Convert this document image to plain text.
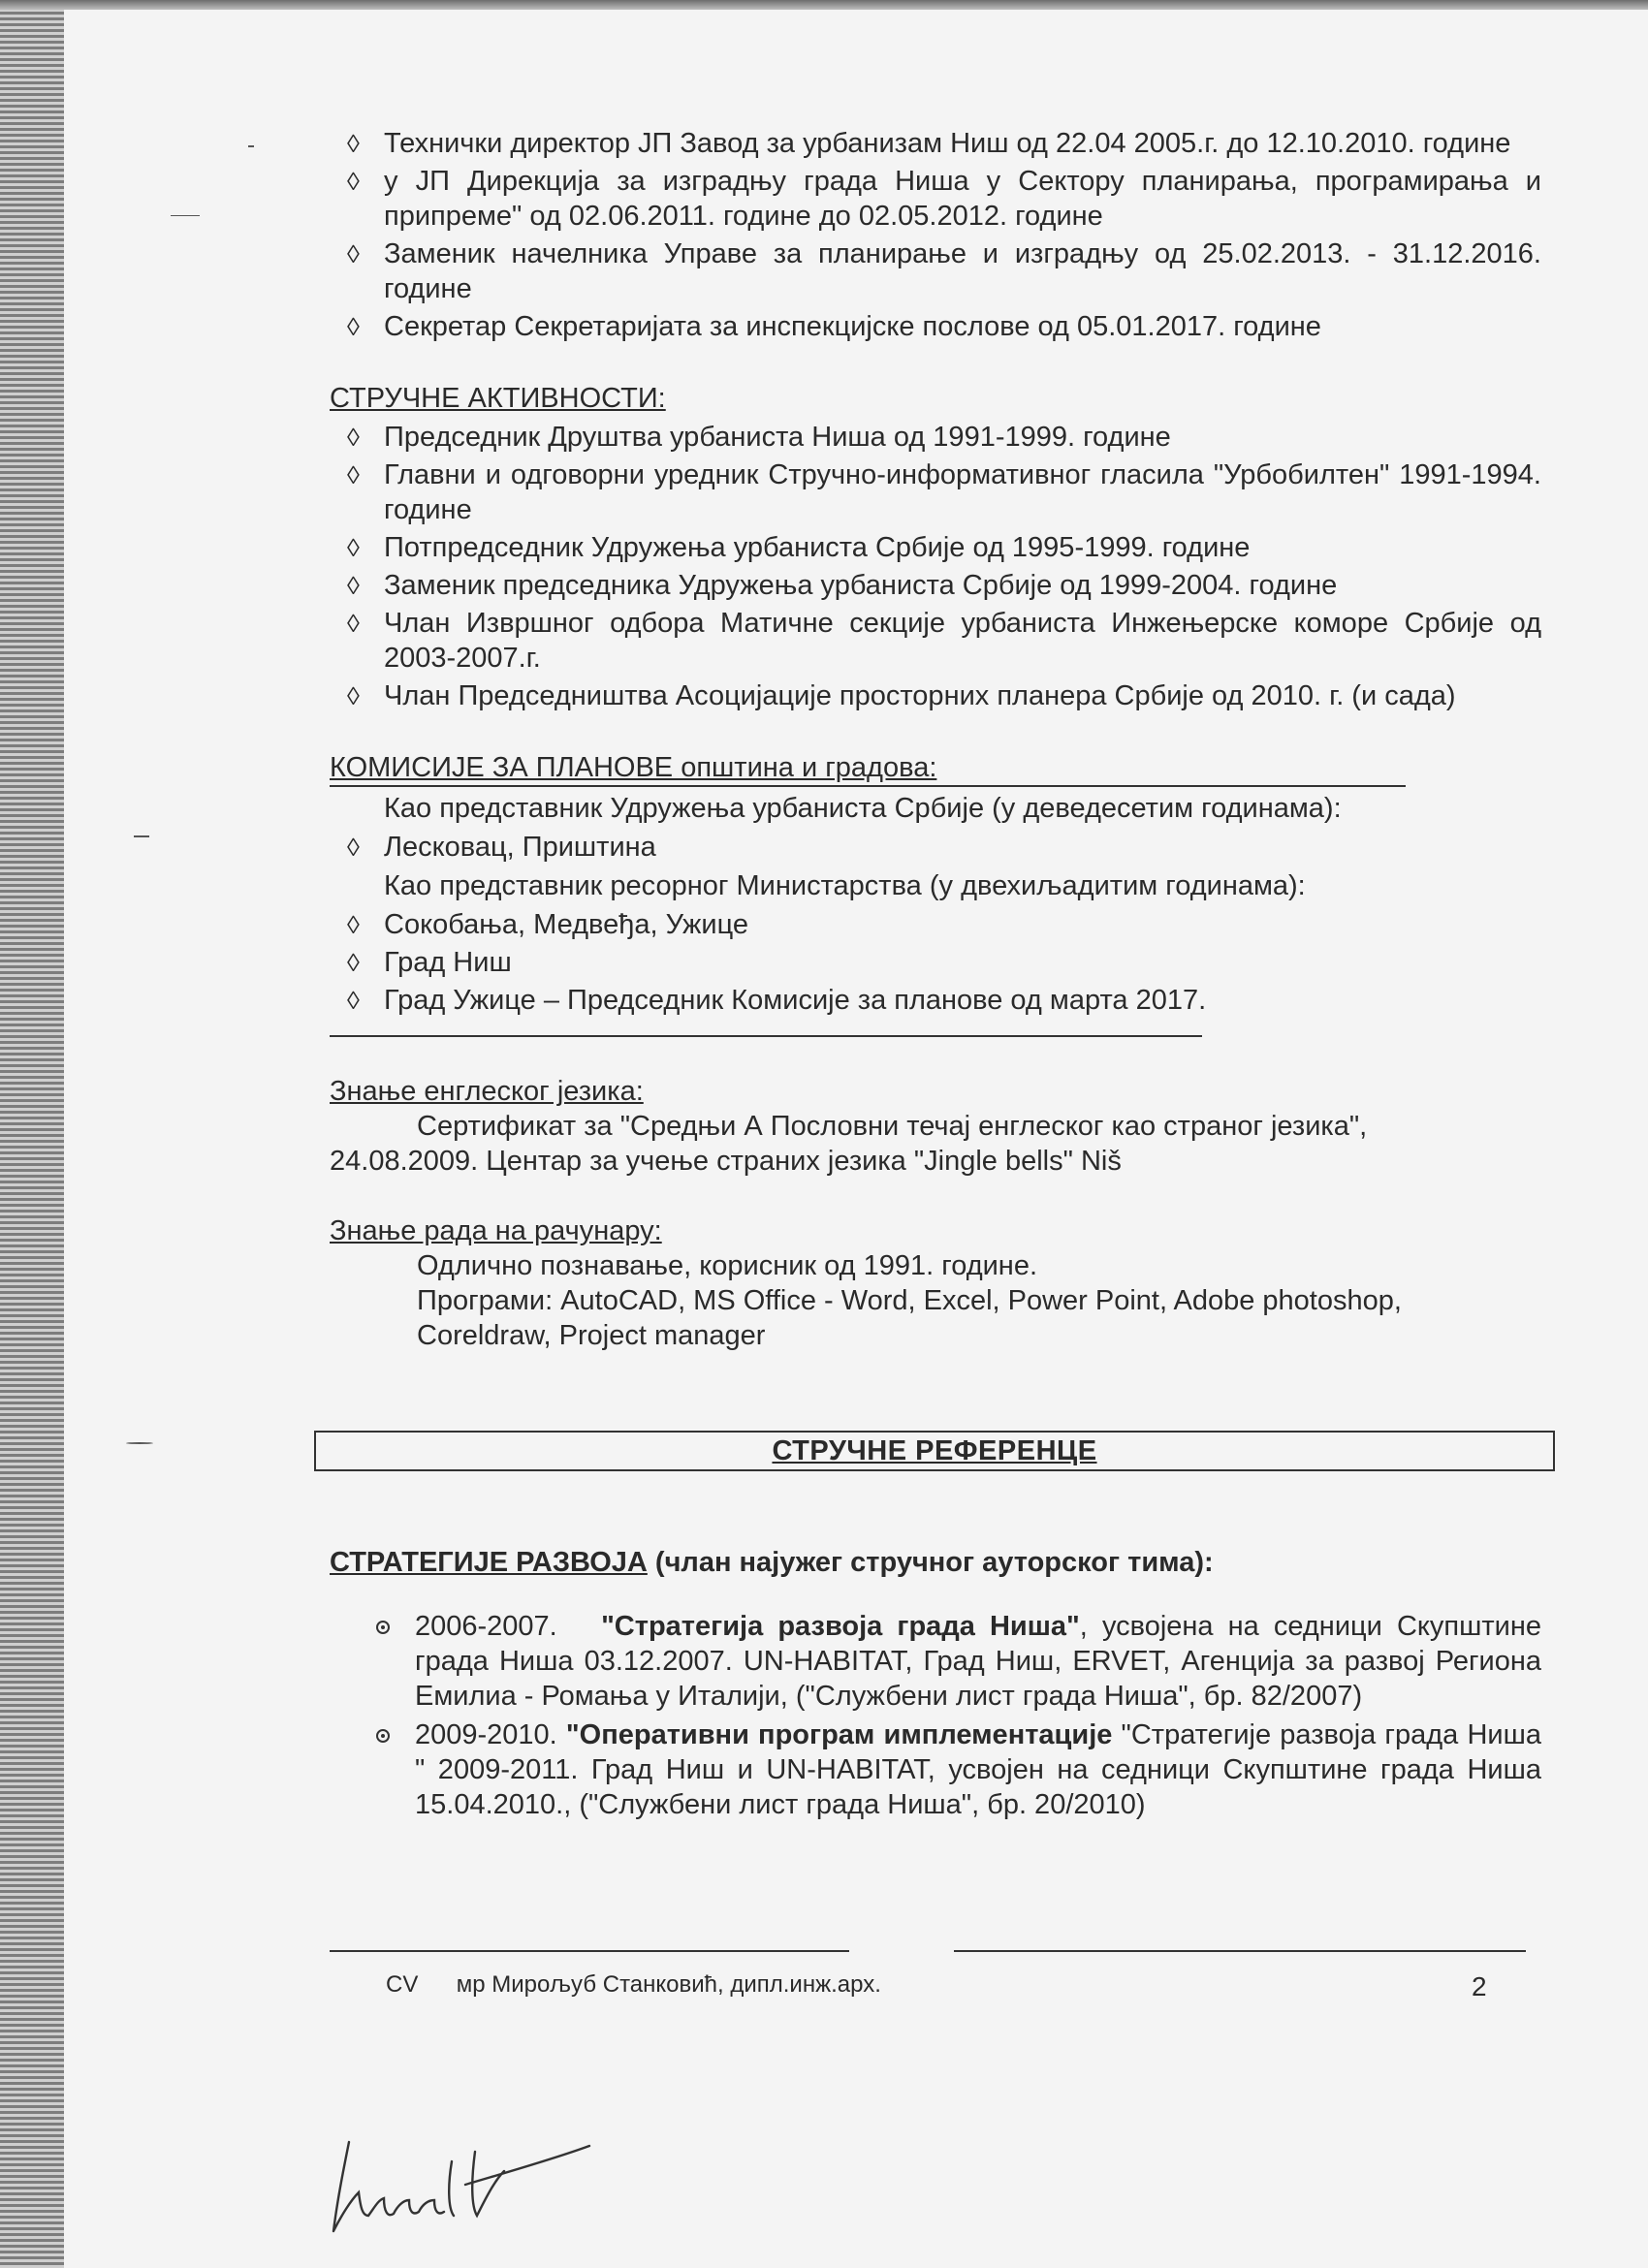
◊ Технички директор ЈП Завод за урбанизам Ниш од 22.04 2005.г. до 12.10.2010. године
◊ у ЈП Дирекција за изградњу града Ниша у Сектору планирања, програмирања и припреме" од 02.06.2011. године до 02.05.2012. године
◊ Заменик начелника Управе за планирање и изградњу од 25.02.2013. - 31.12.2016. године
◊ Секретар Секретаријата за инспекцијске послове од 05.01.2017. године
СТРУЧНЕ АКТИВНОСТИ:
◊ Председник Друштва урбаниста Ниша од 1991-1999. године
◊ Главни и одговорни уредник Стручно-информативног гласила "Урбобилтен" 1991-1994. године
◊ Потпредседник Удружења урбаниста Србије од 1995-1999. године
◊ Заменик председника Удружења урбаниста Србије од 1999-2004. године
◊ Члан Извршног одбора Матичне секције урбаниста Инжењерске коморе Србије од 2003-2007.г.
◊ Члан Председништва Асоцијације просторних планера Србије од 2010. г. (и сада)
КОМИСИЈЕ ЗА ПЛАНОВЕ општина и градова:
Као представник Удружења урбаниста Србије (у деведесетим годинама):
◊ Лесковац, Приштина
Као представник ресорног Министарства (у двехиљадитим годинама):
◊ Сокобања, Медвеђа, Ужице
◊ Град Ниш
◊ Град Ужице – Председник Комисије за планове од марта 2017.
Знање енглеског језика:
Сертификат за "Средњи А Пословни течај енглеског као страног језика",
24.08.2009. Центар за учење страних језика "Jingle bells" Niš
Знање рада на рачунару:
Одлично познавање, корисник од 1991. године.
Програми: AutoCAD, MS Office - Word, Excel, Power Point, Adobe photoshop,
Coreldraw, Project manager
СТРУЧНЕ РЕФЕРЕНЦЕ
СТРАТЕГИЈЕ РАЗВОЈА (члан најужег стручног ауторског тима):
2006-2007.   "Стратегија развоја града Ниша", усвојена на седници Скупштине града Ниша 03.12.2007. UN-HABITAT, Град Ниш, ERVET, Агенција за развој Региона Емилиа - Ромања у Италији, ("Службени лист града Ниша", бр. 82/2007)
2009-2010. "Оперативни програм имплементације "Стратегије развоја града Ниша " 2009-2011. Град Ниш и UN-HABITAT, усвојен на седници Скупштине града Ниша 15.04.2010., ("Службени лист града Ниша", бр. 20/2010)
CV мр Мирољуб Станковић, дипл.инж.арх.	2
